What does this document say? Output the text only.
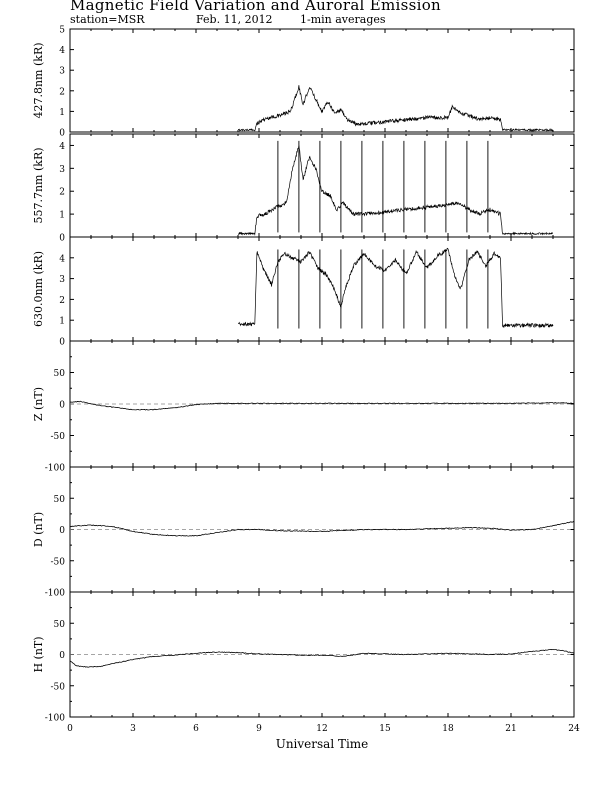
Magnetic Field Variation and Auroral Emission
station=MSR	Feb. 11, 2012 1-min averages
0
1
2
3
4
5
427.8nm (kR)
0
1
2
3
4
557.7nm (kR)
0
1
2
3
4
630.0nm (kR)
-100
-50
0
50
Z (nT)
-100
-50
0
50
D (nT)
-100
-50
0
50
H (nT)
0	3	6	9	12	15	18	21	24
Universal Time
